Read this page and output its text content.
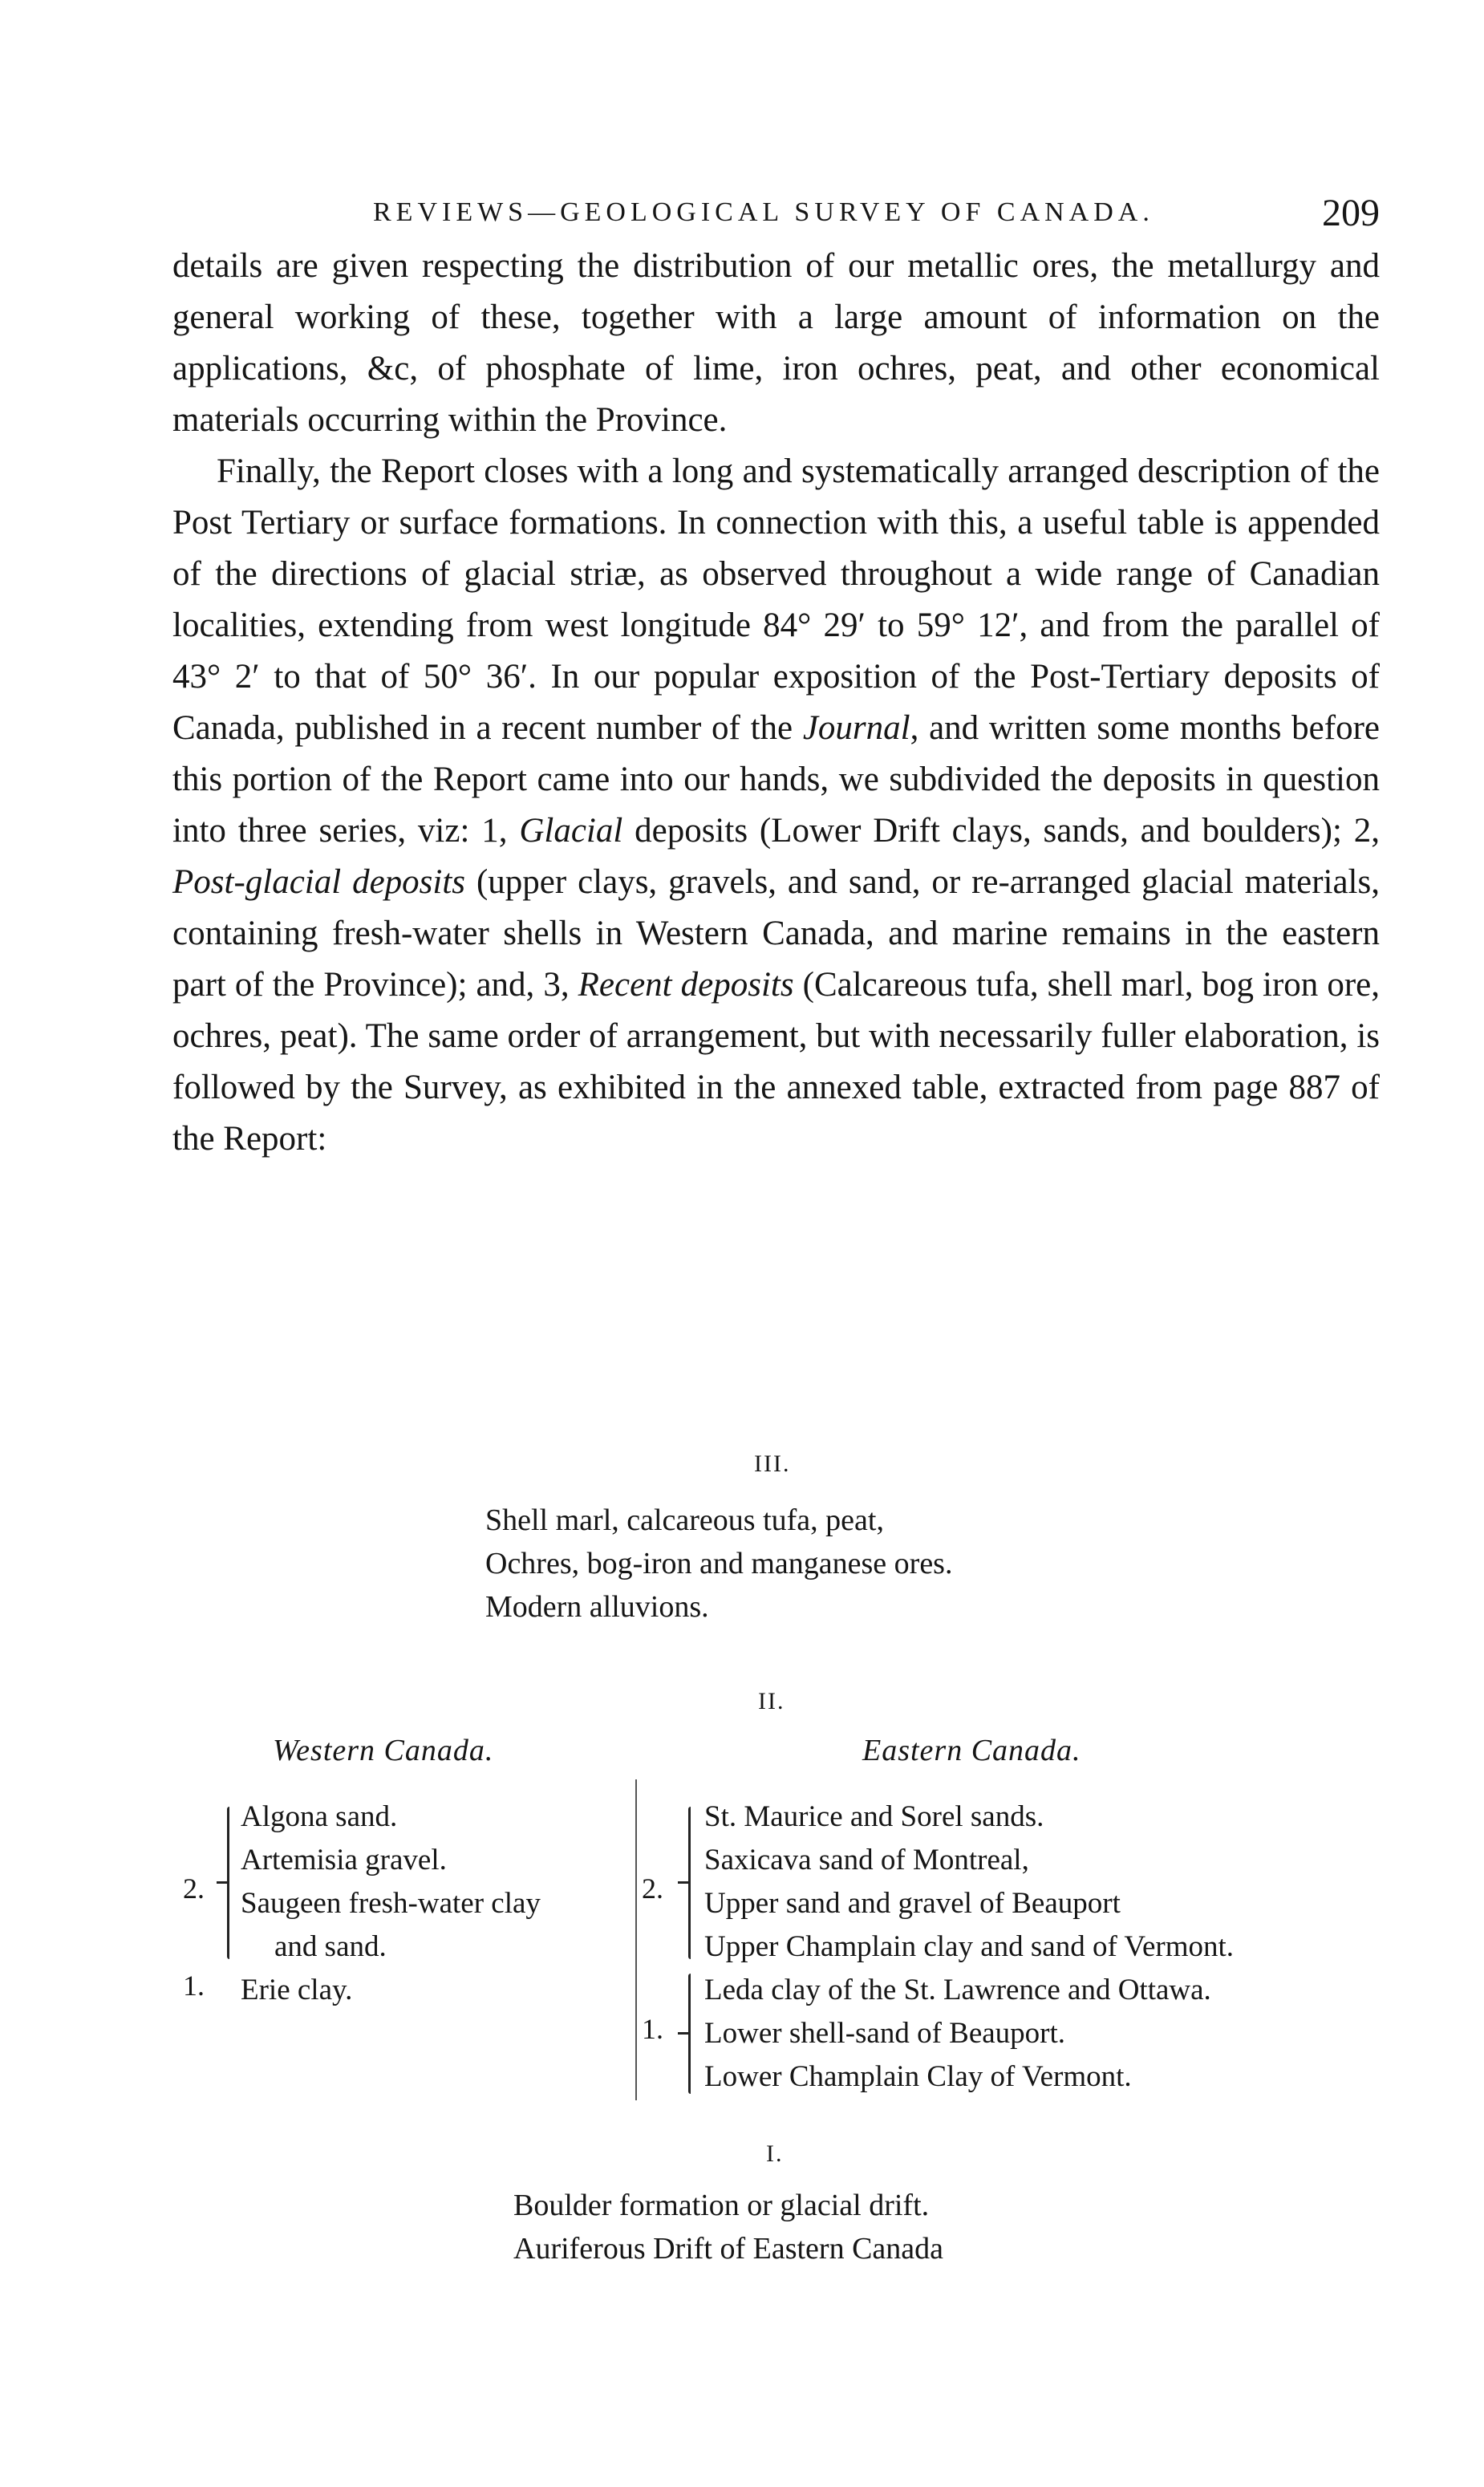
REVIEWS—GEOLOGICAL SURVEY OF CANADA.	209

details are given respecting the distribution of our metallic ores, the metallurgy and general working of these, together with a large amount of information on the applications, &c, of phosphate of lime, iron ochres, peat, and other economical materials occurring within the Province.

Finally, the Report closes with a long and systematically arranged description of the Post Tertiary or surface formations. In connection with this, a useful table is appended of the directions of glacial striæ, as observed throughout a wide range of Canadian localities, extending from west longitude 84° 29′ to 59° 12′, and from the parallel of 43° 2′ to that of 50° 36′. In our popular exposition of the Post-Tertiary deposits of Canada, published in a recent number of the Journal, and written some months before this portion of the Report came into our hands, we subdivided the deposits in question into three series, viz: 1, Glacial deposits (Lower Drift clays, sands, and boulders); 2, Post-glacial deposits (upper clays, gravels, and sand, or re-arranged glacial materials, containing fresh-water shells in Western Canada, and marine remains in the eastern part of the Province); and, 3, Recent deposits (Calcareous tufa, shell marl, bog iron ore, ochres, peat). The same order of arrangement, but with necessarily fuller elaboration, is followed by the Survey, as exhibited in the annexed table, extracted from page 887 of the Report:

III.
Shell marl, calcareous tufa, peat,
Ochres, bog-iron and manganese ores.
Modern alluvions.
II.
Western Canada.	Eastern Canada.
2.
Algona sand.
Artemisia gravel.
Saugeen fresh-water clay
and sand.
1. Erie clay.
2.
St. Maurice and Sorel sands.
Saxicava sand of Montreal,
Upper sand and gravel of Beauport
Upper Champlain clay and sand of Vermont.
1.
Leda clay of the St. Lawrence and Ottawa.
Lower shell-sand of Beauport.
Lower Champlain Clay of Vermont.
I.
Boulder formation or glacial drift.
Auriferous Drift of Eastern Canada
